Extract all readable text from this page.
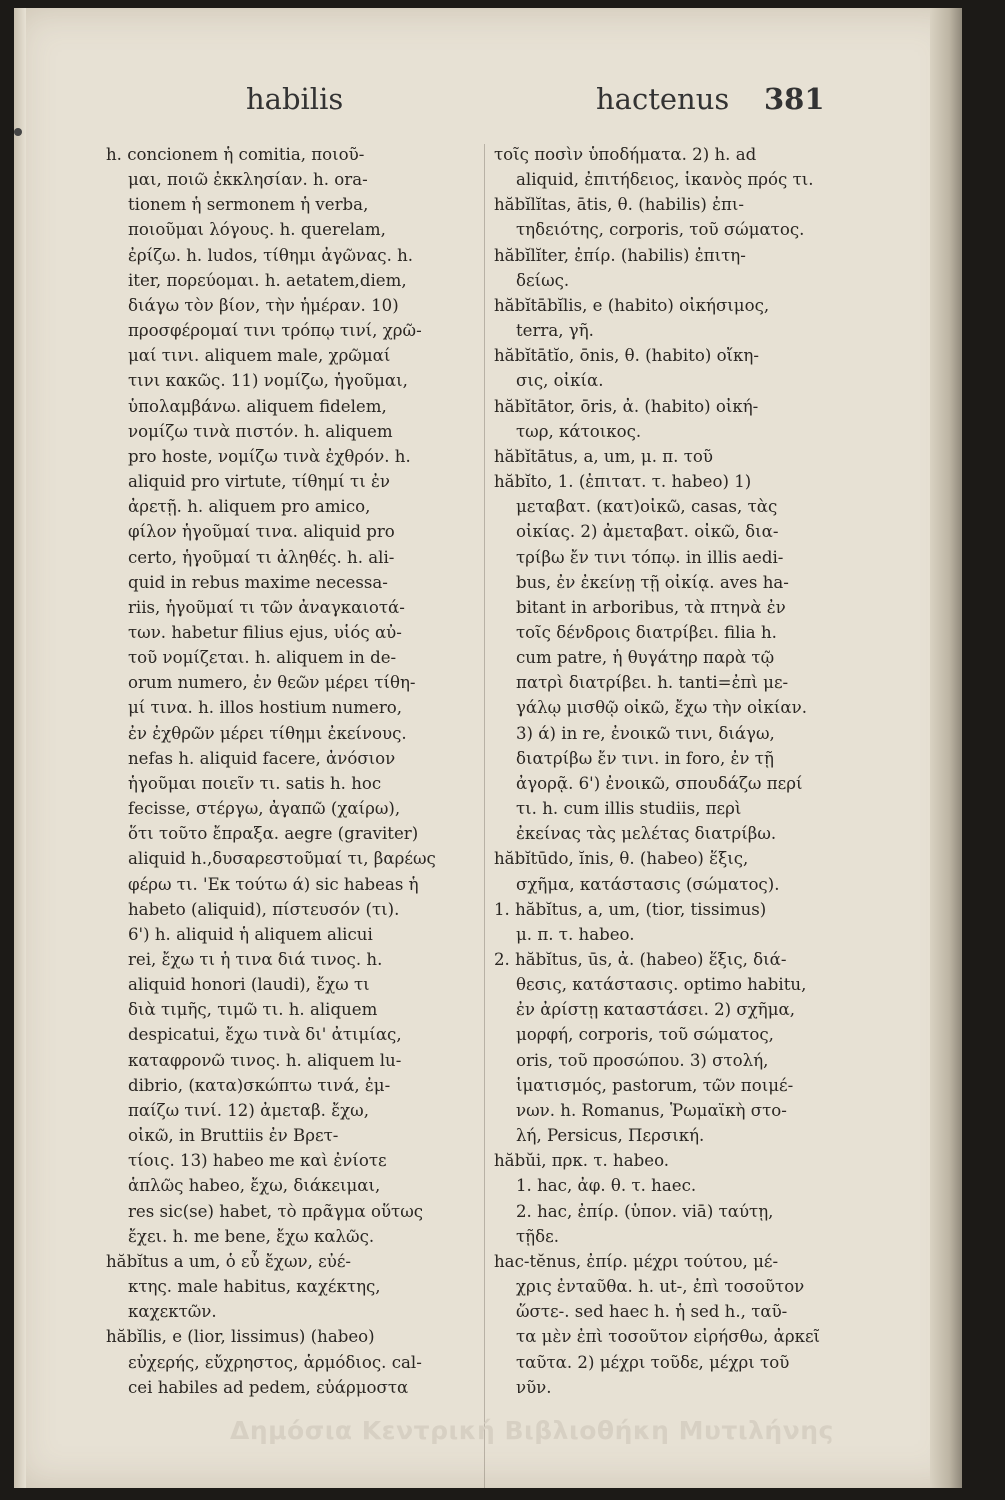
habilis	hactenus 381
h. concionem ἡ comitia, ποιοῦ-
μαι, ποιῶ ἐκκλησίαν. h. ora-
tionem ἡ sermonem ἡ verba,
ποιοῦμαι λόγους. h. querelam,
ἐρίζω. h. ludos, τίθημι ἀγῶνας. h.
iter, πορεύομαι. h. aetatem,diem,
διάγω τὸν βίον, τὴν ἡμέραν. 10)
προσφέρομαί τινι τρόπῳ τινί, χρῶ-
μαί τινι. aliquem male, χρῶμαί
τινι κακῶς. 11) νομίζω, ἡγοῦμαι,
ὑπολαμβάνω. aliquem fidelem,
νομίζω τινὰ πιστόν. h. aliquem
pro hoste, νομίζω τινὰ ἐχθρόν. h.
aliquid pro virtute, τίθημί τι ἐν
ἀρετῇ. h. aliquem pro amico,
φίλον ἡγοῦμαί τινα. aliquid pro
certo, ἡγοῦμαί τι ἀληθές. h. ali-
quid in rebus maxime necessa-
riis, ἡγοῦμαί τι τῶν ἀναγκαιοτά-
των. habetur filius ejus, υἱός αὐ-
τοῦ νομίζεται. h. aliquem in de-
orum numero, ἐν θεῶν μέρει τίθη-
μί τινα. h. illos hostium numero,
ἐν ἐχθρῶν μέρει τίθημι ἐκείνους.
nefas h. aliquid facere, ἀνόσιον
ἡγοῦμαι ποιεῖν τι. satis h. hoc
fecisse, στέργω, ἀγαπῶ (χαίρω),
ὅτι τοῦτο ἔπραξα. aegre (graviter)
aliquid h.,δυσαρεστοῦμαί τι, βαρέως
φέρω τι. 'Εκ τούτω ά) sic habeas ἡ
habeto (aliquid), πίστευσόν (τι).
6') h. aliquid ἡ aliquem alicui
rei, ἔχω τι ἡ τινα διά τινος. h.
aliquid honori (laudi), ἔχω τι
διὰ τιμῆς, τιμῶ τι. h. aliquem
despicatui, ἔχω τινὰ δι' ἀτιμίας,
καταφρονῶ τινος. h. aliquem lu-
dibrio, (κατα)σκώπτω τινά, ἐμ-
παίζω τινί. 12) ἀμεταβ. ἔχω,
οἰκῶ, in Bruttiis ἐν Βρετ-
τίοις. 13) habeo me καὶ ἐνίοτε
ἁπλῶς habeo, ἔχω, διάκειμαι,
res sic(se) habet, τὸ πρᾶγμα οὕτως
ἔχει. h. me bene, ἔχω καλῶς.
hăbĭtus a um, ὁ εὖ ἔχων, εὐέ-
κτης. male habitus, καχέκτης,
καχεκτῶν.
hăbĭlis, e (lior, lissimus) (habeo)
εὐχερής, εὔχρηστος, ἁρμόδιος. cal-
cei habiles ad pedem, εὐάρμοστα
τοῖς ποσὶν ὑποδήματα. 2) h. ad
aliquid, ἐπιτήδειος, ἱκανὸς πρός τι.
hăbĭlĭtas, ātis, θ. (habilis) ἐπι-
τηδειότης, corporis, τοῦ σώματος.
hăbĭlĭter, ἐπίρ. (habilis) ἐπιτη-
δείως.
hăbĭtābĭlis, e (habito) οἰκήσιμος,
terra, γῆ.
hăbĭtātĭo, ōnis, θ. (habito) οἴκη-
σις, οἰκία.
hăbĭtātor, ōris, ἀ. (habito) οἰκή-
τωρ, κάτοικος.
hăbĭtātus, a, um, μ. π. τοῦ
hăbĭto, 1. (ἐπιτατ. τ. habeo) 1)
μεταβατ. (κατ)οἰκῶ, casas, τὰς
οἰκίας. 2) ἀμεταβατ. οἰκῶ, δια-
τρίβω ἔν τινι τόπῳ. in illis aedi-
bus, ἐν ἐκείνῃ τῇ οἰκίᾳ. aves ha-
bitant in arboribus, τὰ πτηνὰ ἐν
τοῖς δένδροις διατρίβει. filia h.
cum patre, ἡ θυγάτηρ παρὰ τῷ
πατρὶ διατρίβει. h. tanti=ἐπὶ με-
γάλῳ μισθῷ οἰκῶ, ἔχω τὴν οἰκίαν.
3) ά) in re, ἐνοικῶ τινι, διάγω,
διατρίβω ἔν τινι. in foro, ἐν τῇ
ἀγορᾷ. 6') ἐνοικῶ, σπουδάζω περί
τι. h. cum illis studiis, περὶ
ἐκείνας τὰς μελέτας διατρίβω.
hăbĭtūdo, ĭnis, θ. (habeo) ἕξις,
σχῆμα, κατάστασις (σώματος).
1. hăbĭtus, a, um, (tior, tissimus)
μ. π. τ. habeo.
2. hăbĭtus, ūs, ἀ. (habeo) ἕξις, διά-
θεσις, κατάστασις. optimo habitu,
ἐν ἀρίστῃ καταστάσει. 2) σχῆμα,
μορφή, corporis, τοῦ σώματος,
oris, τοῦ προσώπου. 3) στολή,
ἱματισμός, pastorum, τῶν ποιμέ-
νων. h. Romanus, Ῥωμαϊκὴ στο-
λή, Persicus, Περσική.
hăbŭi, πρκ. τ. habeo.
1. hac, ἀφ. θ. τ. haec.
2. hac, ἐπίρ. (ὑπον. viā) ταύτῃ,
τῇδε.
hac-tĕnus, ἐπίρ. μέχρι τούτου, μέ-
χρις ἐνταῦθα. h. ut-, ἐπὶ τοσοῦτον
ὥστε-. sed haec h. ἡ sed h., ταῦ-
τα μὲν ἐπὶ τοσοῦτον εἰρήσθω, ἀρκεῖ
ταῦτα. 2) μέχρι τοῦδε, μέχρι τοῦ
νῦν.
Δημόσια Κεντρική Βιβλιοθήκη Μυτιλήνης
